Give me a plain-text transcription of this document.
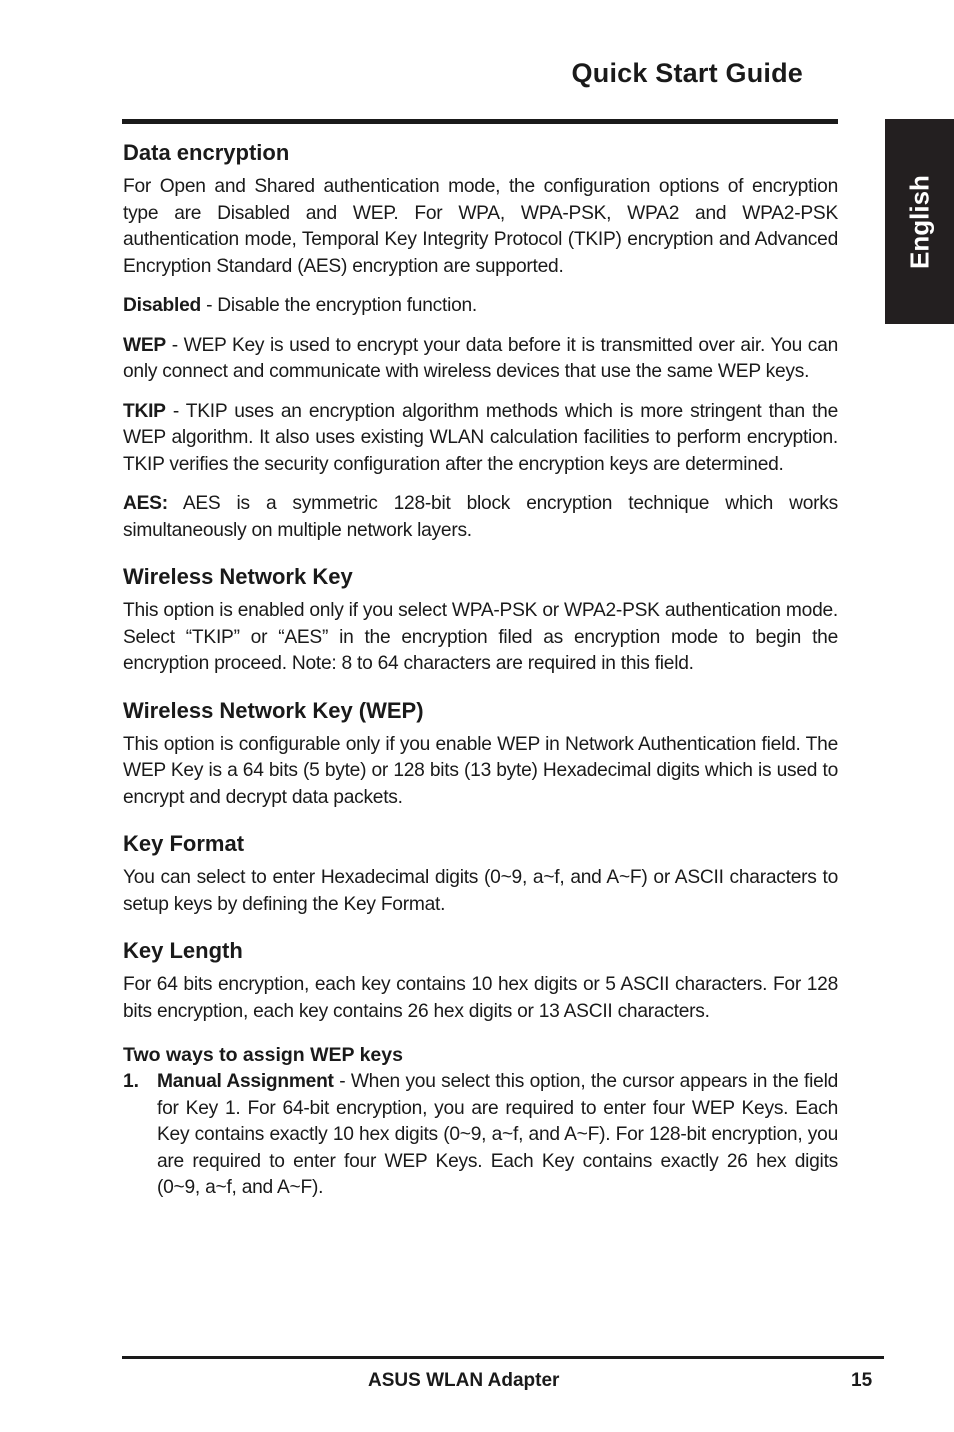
Quick Start Guide
English
Data encryption

For Open and Shared authentication mode, the configuration options of encryption type are Disabled and WEP. For WPA, WPA-PSK, WPA2 and WPA2-PSK authentication mode, Temporal Key Integrity Protocol (TKIP) encryption and Advanced Encryption Standard (AES) encryption are supported.

Disabled - Disable the encryption function.

WEP - WEP Key is used to encrypt your data before it is transmitted over air. You can only connect and communicate with wireless devices that use the same WEP keys.

TKIP - TKIP uses an encryption algorithm methods which is more stringent than the WEP algorithm. It also uses existing WLAN calculation facilities to perform encryption. TKIP verifies the security configuration after the encryption keys are determined.

AES: AES is a symmetric 128-bit block encryption technique which works simultaneously on multiple network layers.

Wireless Network Key

This option is enabled only if you select WPA-PSK or WPA2-PSK authentication mode. Select “TKIP” or “AES” in the encryption filed as encryption mode to begin the encryption proceed. Note: 8 to 64 characters are required in this field.

Wireless Network Key (WEP)

This option is configurable only if you enable WEP in Network Authentication field. The WEP Key is a 64 bits (5 byte) or 128 bits (13 byte) Hexadecimal digits which is used to encrypt and decrypt data packets.

Key Format

You can select to enter Hexadecimal digits (0~9, a~f, and A~F) or ASCII characters to setup keys by defining the Key Format.

Key Length

For 64 bits encryption, each key contains 10 hex digits or 5 ASCII characters. For 128 bits encryption, each key contains 26 hex digits or 13 ASCII characters.

Two ways to assign WEP keys
1. Manual Assignment - When you select this option, the cursor appears in the field for Key 1. For 64-bit encryption, you are required to enter four WEP Keys. Each Key contains exactly 10 hex digits (0~9, a~f, and A~F). For 128-bit encryption, you are required to enter four WEP Keys. Each Key contains exactly 26 hex digits (0~9, a~f, and A~F).

ASUS WLAN Adapter	15
